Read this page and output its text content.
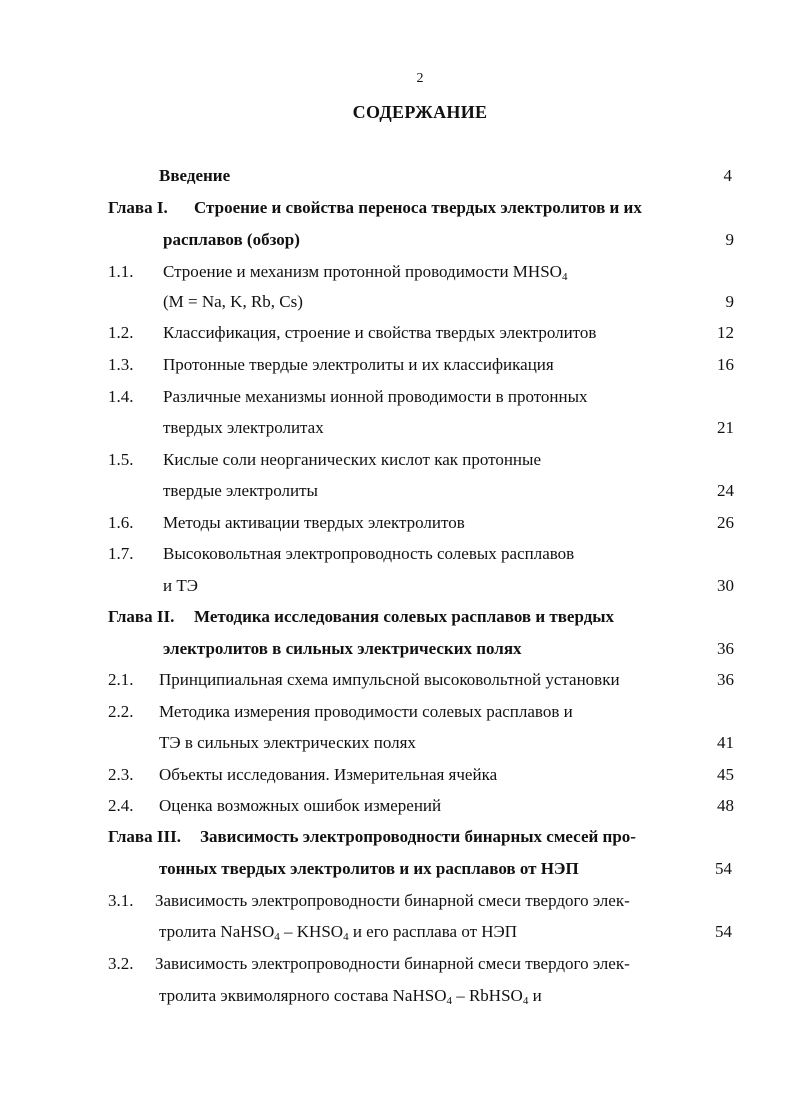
2
СОДЕРЖАНИЕ
Введение	4
Глава I. Строение и свойства переноса твердых электролитов и их
расплавов (обзор)	9
1.1. Строение и механизм протонной проводимости $MHSO_4$
(M = Na, K, Rb, Cs)	9
1.2. Классификация, строение и свойства твердых электролитов	12
1.3. Протонные твердые электролиты и их классификация	16
1.4. Различные механизмы ионной проводимости в протонных
твердых электролитах	21
1.5. Кислые соли неорганических кислот как протонные
твердые электролиты	24
1.6. Методы активации твердых электролитов	26
1.7. Высоковольтная электропроводность солевых расплавов
и ТЭ	30
Глава II. Методика исследования солевых расплавов и твердых
электролитов в сильных электрических полях	36
2.1. Принципиальная схема импульсной высоковольтной установки	36
2.2. Методика измерения проводимости солевых расплавов и
ТЭ в сильных электрических полях	41
2.3. Объекты исследования. Измерительная ячейка	45
2.4. Оценка возможных ошибок измерений	48
Глава III. Зависимость электропроводности бинарных смесей про-
тонных твердых электролитов и их расплавов от НЭП	54
3.1. Зависимость электропроводности бинарной смеси твердого элек-
тролита NaHSO$_4$ – $KHSO_4$ и его расплава от НЭП	54
3.2. Зависимость электропроводности бинарной смеси твердого элек-
тролита эквимолярного состава NaHSO$_4$ – RbHSO$_4$ и
